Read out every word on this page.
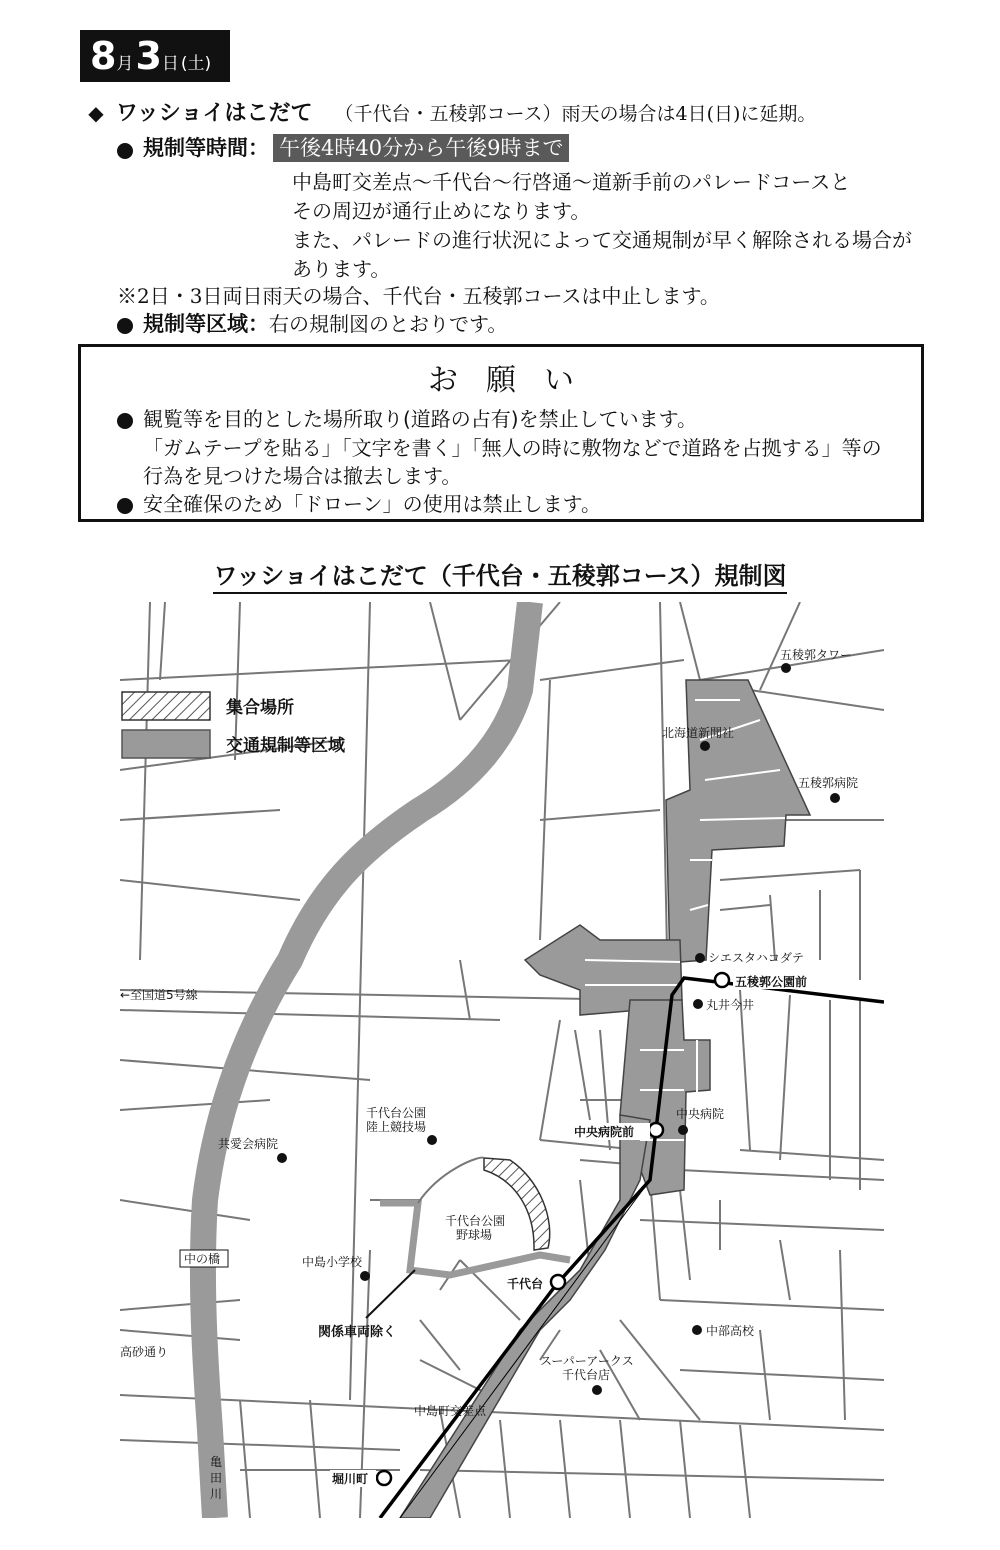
8 月 3 日 (土)
◆ ワッショイはこだて （千代台・五稜郭コース）雨天の場合は4日(日)に延期。
規制等時間： 午後4時40分から午後9時まで
中島町交差点〜千代台〜行啓通〜道新手前のパレードコースと
その周辺が通行止めになります。
また、パレードの進行状況によって交通規制が早く解除される場合が
あります。
※2日・3日両日雨天の場合、千代台・五稜郭コースは中止します。
規制等区域：右の規制図のとおりです。
お願い
観覧等を目的とした場所取り(道路の占有)を禁止しています。
「ガムテープを貼る」「文字を書く」「無人の時に敷物などで道路を占拠する」等の
行為を見つけた場合は撤去します。
安全確保のため「ドローン」の使用は禁止します。
ワッショイはこだて（千代台・五稜郭コース）規制図
集合場所
交通規制等区域
五稜郭タワー
北海道新聞社
五稜郭病院
シエスタハコダテ
五稜郭公園前
丸井今井
←至国道5号線
中央病院
中央病院前
千代台公園
陸上競技場
共愛会病院
千代台公園
野球場
中の橋	中島小学校
千代台
関係車両除く	中部高校
高砂通り
スーパーアークス
千代台店
中島町交差点
堀川町
亀
田
川
